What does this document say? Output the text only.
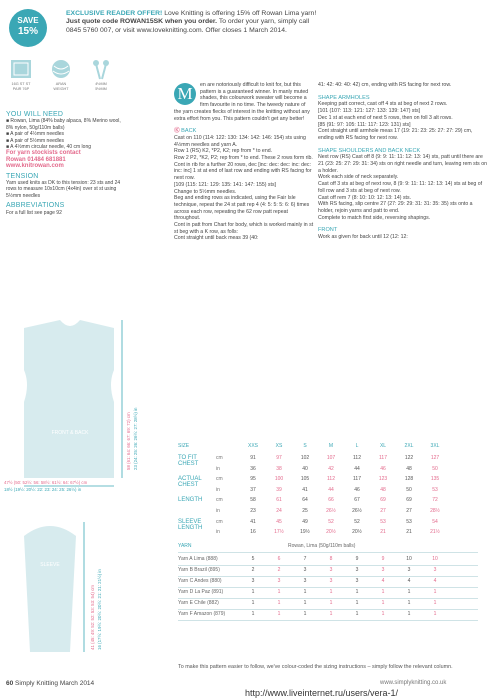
SAVE
15%
EXCLUSIVE READER OFFER! Love Knitting is offering 15% off Rowan Lima yarn!
Just quote code ROWAN15SK when you order. To order your yarn, simply call
0845 5760 007, or visit www.loveknitting.com. Offer closes 1 March 2014.
16G ST ST
PAIR 76P
ARAN
WEIGHT
4½MM
5½MM
YOU WILL NEED
■ Rowan, Lima (84% baby alpaca, 8% Merino wool, 8% nylon, 50g/110m balls)
■ A pair of 4½mm needles
■ A pair of 5½mm needles
■ A 4½mm circular needle, 40 cm long
For yarn stockists contact
Rowan 01484 681881
www.knitrowan.com
TENSION
Yarn used knits as DK to this tension: 23 sts and 24 rows to measure 10x10cm (4x4in) over st st using 5½mm needles
ABBREVIATIONS
For a full list see page 92
FRONT & BACK
47½ (50: 52½: 56: 58½: 61½: 64: 67½) cm
18½ (19½: 20½: 22: 23: 24: 25: 26½) in
58 (61: 64: 66: 67: 69: 72) cm 23 (24: 25: 26: 26½: 27: 28½) in
SLEEVE
41 (45: 49: 52: 52: 53: 53: 54) cm 16 (17½: 19½: 20½: 20½: 21: 21: 21½) in
M	en are notoriously difficult to knit for, but this pattern is a guaranteed winner. In manly muted shades, this colourwork sweater will become a firm favourite in no time. The tweedy nature of the yarn creates flecks of interest in the knitting without any extra effort from you. This pattern couldn't get any better!

Ⓚ BACK

Cast on 110 (114: 122: 130: 134: 142: 146: 154) sts using 4½mm needles and yarn A.

Row 1 (RS) K2, *P2, K2; rep from * to end.

Row 2 P2, *K2, P2; rep from * to end. These 2 rows form rib.

Cont in rib for a further 20 rows, dec [inc: dec: dec: inc: dec: inc: inc] 1 st at end of last row and ending with RS facing for next row.

[109 (115: 121: 129: 135: 141: 147: 155) sts]

Change to 5½mm needles.

Beg and ending rows as indicated, using the Fair Isle technique, repeat the 24 st patt rep 4 (4: 5: 5: 5: 6: 6) times across each row, repeating the 62 row patt repeat throughout.

Cont in patt from Chart for body, which is worked mainly in st st beg with a K row, as folls:

Cont straight until back meas 39 (40:

41: 42: 40: 40: 42) cm, ending with RS facing for next row.

SHAPE ARMHOLES

Keeping patt correct, cast off 4 sts at beg of next 2 rows.

[101 (107: 113: 121: 127: 133: 139: 147) sts]

Dec 1 st at each end of next 5 rows, then on foll 3 alt rows.

[85 (91: 97: 105: 111: 117: 123: 131) sts]

Cont straight until armhole meas 17 (19: 21: 23: 25: 27: 27: 29) cm, ending with RS facing for next row.

SHAPE SHOULDERS AND BACK NECK

Next row (RS) Cast off 8 (9: 9: 11: 11: 12: 13: 14) sts, patt until there are 21 (23: 25: 27: 29: 31: 34) sts on right needle and turn, leaving rem sts on a holder.

Work each side of neck separately.

Cast off 3 sts at beg of next row, 8 (9: 9: 11: 11: 12: 13: 14) sts at beg of foll row and 3 sts at beg of next row.

Cast off rem 7 (8: 10: 10: 12: 13: 14) sts.

With RS facing, slip centre 27 (27: 29: 29: 31: 31: 35: 35) sts onto a holder, rejoin yarns and patt to end.

Complete to match first side, reversing shapings.

FRONT

Work as given for back until 12 (12: 12:

SIZE	XXS	XS	S	M	L	XL	2XL	3XL
TO FIT
CHEST
cm	91	97	102	107	112	117	122	127
in	36	38	40	42	44	46	48	50
ACTUAL
CHEST
cm	95	100	105	112	117	123	128	135
in	37	39	41	44	46	48	50	53
LENGTH	cm	58	61	64	66	67	69	69	72
in	23	24	25	26½	26½	27	27	28½
SLEEVE
LENGTH
cm	41	45	49	52	52	53	53	54
in	16	17½	19½	20½	20½	21	21	21½
YARN	Rowan, Lima (50g/110m balls)
Yarn A Lima (888)	5	6	7	8	9	9	10	10
Yarn B Brazil (895)	2	2	3	3	3	3	3	3
Yarn C Andes (880)	3	3	3	3	3	4	4	4
Yarn D La Paz (891)	1	1	1	1	1	1	1	1
Yarn E Chile (882)	1	1	1	1	1	1	1	1
Yarn F Amazon (879)	1	1	1	1	1	1	1	1
To make this pattern easier to follow, we've colour-coded the sizing instructions – simply follow the relevant column.
60 Simply Knitting March 2014	www.simplyknitting.co.uk
http://www.liveinternet.ru/users/vera-1/
